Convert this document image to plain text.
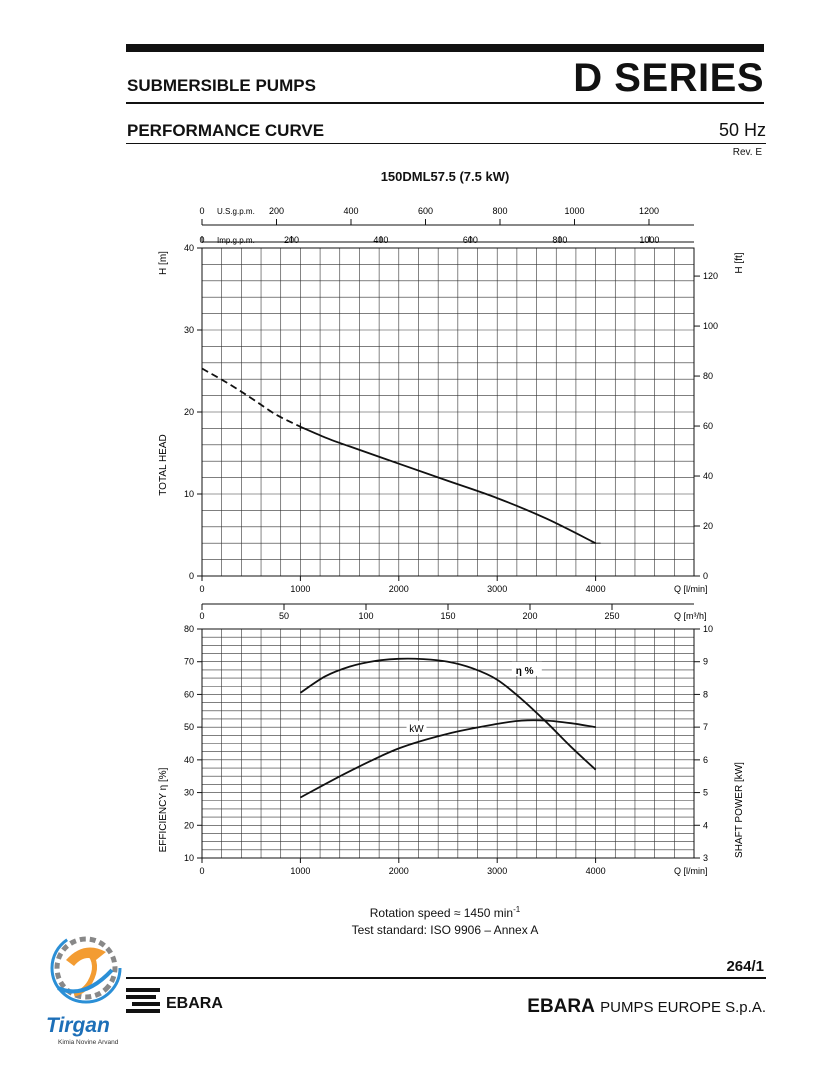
SUBMERSIBLE PUMPS	D SERIES
PERFORMANCE CURVE	50 Hz
Rev. E
150DML57.5 (7.5 kW)
0	200	400	600	800	1000	1200
U.S.g.p.m.
0	200	400	600	800	1000
Imp.g.p.m.
0	1000	2000	3000	4000	Q [l/min]
0
10
20
30
40
TOTAL HEAD
H [m]
0
20
40
60
80
100
120
H [ft]
0	50	100	150	200	250	Q [m³/h]
0	1000	2000	3000	4000	Q [l/min]
10
20
30
40
50
60
70
80
EFFICIENCY η [%]
3
4
5
6
7
8
9
10
SHAFT POWER [kW]
η %
kW
Rotation speed ≈ 1450 $\min^{-1}$
Test standard: ISO 9906 – Annex A
264/1
EBARA	EBARA PUMPS EUROPE S.p.A.
Tirgan
Kimia Novine Arvand
